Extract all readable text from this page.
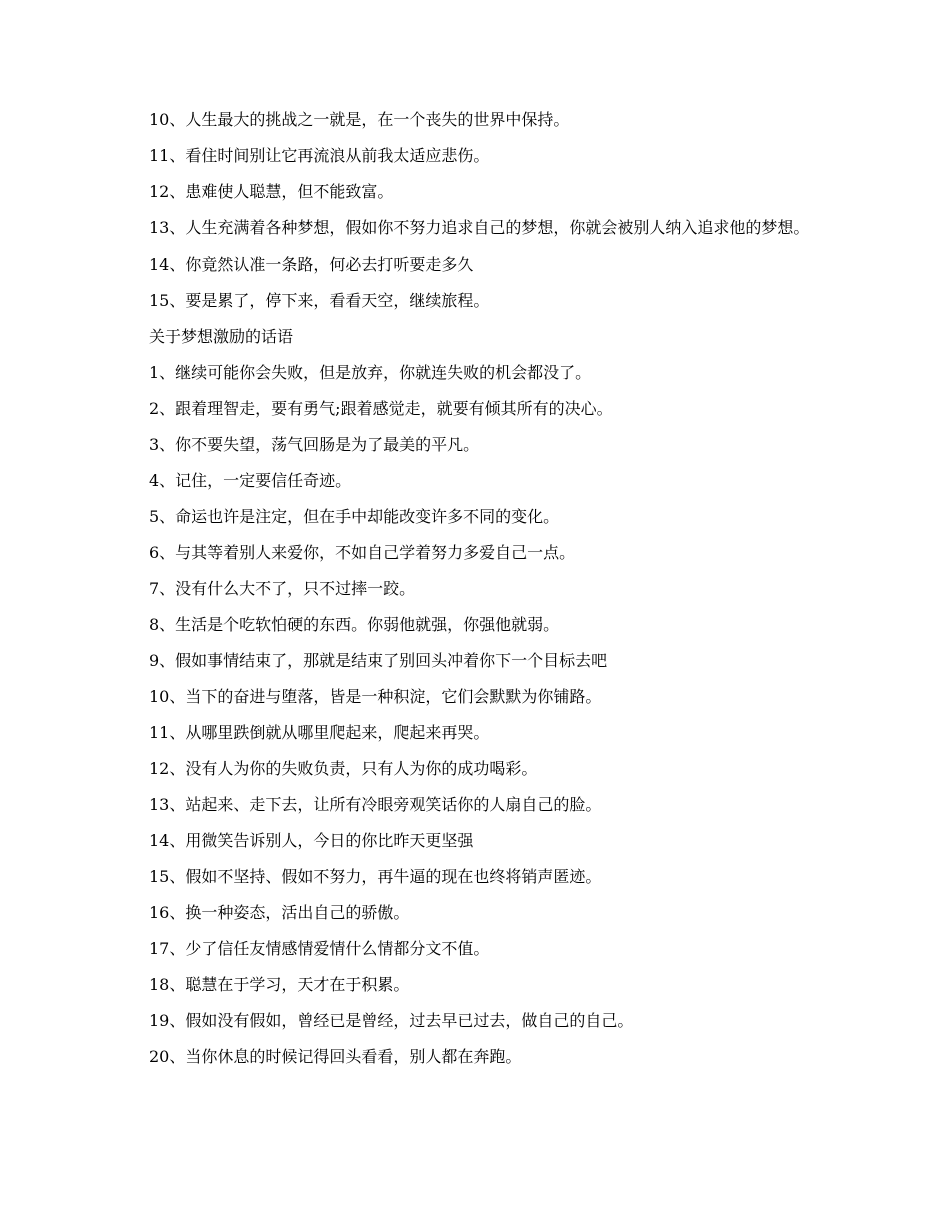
10、人生最大的挑战之一就是，在一个丧失的世界中保持。

11、看住时间别让它再流浪从前我太适应悲伤。

12、患难使人聪慧，但不能致富。

13、人生充满着各种梦想，假如你不努力追求自己的梦想，你就会被别人纳入追求他的梦想。

14、你竟然认准一条路，何必去打听要走多久

15、要是累了，停下来，看看天空，继续旅程。

关于梦想激励的话语

1、继续可能你会失败，但是放弃，你就连失败的机会都没了。

2、跟着理智走，要有勇气;跟着感觉走，就要有倾其所有的决心。

3、你不要失望，荡气回肠是为了最美的平凡。

4、记住，一定要信任奇迹。

5、命运也许是注定，但在手中却能改变许多不同的变化。

6、与其等着别人来爱你，不如自己学着努力多爱自己一点。

7、没有什么大不了，只不过摔一跤。

8、生活是个吃软怕硬的东西。你弱他就强，你强他就弱。

9、假如事情结束了，那就是结束了别回头冲着你下一个目标去吧

10、当下的奋进与堕落，皆是一种积淀，它们会默默为你铺路。

11、从哪里跌倒就从哪里爬起来，爬起来再哭。

12、没有人为你的失败负责，只有人为你的成功喝彩。

13、站起来、走下去，让所有冷眼旁观笑话你的人扇自己的脸。

14、用微笑告诉别人，今日的你比昨天更坚强

15、假如不坚持、假如不努力，再牛逼的现在也终将销声匿迹。

16、换一种姿态，活出自己的骄傲。

17、少了信任友情感情爱情什么情都分文不值。

18、聪慧在于学习，天才在于积累。

19、假如没有假如，曾经已是曾经，过去早已过去，做自己的自己。

20、当你休息的时候记得回头看看，别人都在奔跑。
